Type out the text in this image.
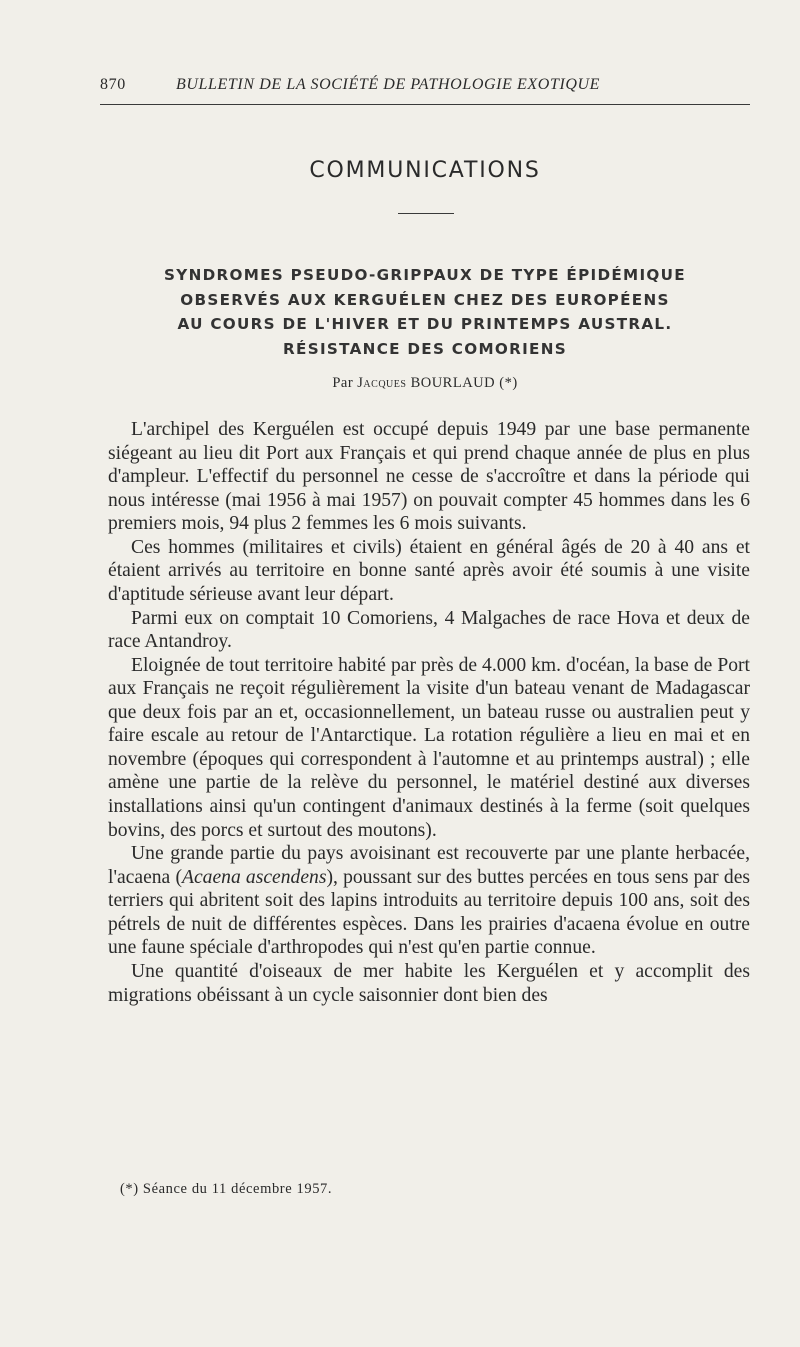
870	BULLETIN DE LA SOCIÉTÉ DE PATHOLOGIE EXOTIQUE
COMMUNICATIONS
SYNDROMES PSEUDO-GRIPPAUX DE TYPE ÉPIDÉMIQUE
OBSERVÉS AUX KERGUÉLEN CHEZ DES EUROPÉENS
AU COURS DE L'HIVER ET DU PRINTEMPS AUSTRAL.
RÉSISTANCE DES COMORIENS
Par Jacques BOURLAUD (*)

L'archipel des Kerguélen est occupé depuis 1949 par une base permanente siégeant au lieu dit Port aux Français et qui prend chaque année de plus en plus d'ampleur. L'effectif du personnel ne cesse de s'accroître et dans la période qui nous intéresse (mai 1956 à mai 1957) on pouvait compter 45 hommes dans les 6 premiers mois, 94 plus 2 femmes les 6 mois suivants.

Ces hommes (militaires et civils) étaient en général âgés de 20 à 40 ans et étaient arrivés au territoire en bonne santé après avoir été soumis à une visite d'aptitude sérieuse avant leur départ.

Parmi eux on comptait 10 Comoriens, 4 Malgaches de race Hova et deux de race Antandroy.

Eloignée de tout territoire habité par près de 4.000 km. d'océan, la base de Port aux Français ne reçoit régulièrement la visite d'un bateau venant de Madagascar que deux fois par an et, occasionnellement, un bateau russe ou australien peut y faire escale au retour de l'Antarctique. La rotation régulière a lieu en mai et en novembre (époques qui correspondent à l'automne et au printemps austral) ; elle amène une partie de la relève du personnel, le matériel destiné aux diverses installations ainsi qu'un contingent d'animaux destinés à la ferme (soit quelques bovins, des porcs et surtout des moutons).

Une grande partie du pays avoisinant est recouverte par une plante herbacée, l'acaena (Acaena ascendens), poussant sur des buttes percées en tous sens par des terriers qui abritent soit des lapins introduits au territoire depuis 100 ans, soit des pétrels de nuit de différentes espèces. Dans les prairies d'acaena évolue en outre une faune spéciale d'arthropodes qui n'est qu'en partie connue.

Une quantité d'oiseaux de mer habite les Kerguélen et y accomplit des migrations obéissant à un cycle saisonnier dont bien des

(*) Séance du 11 décembre 1957.
